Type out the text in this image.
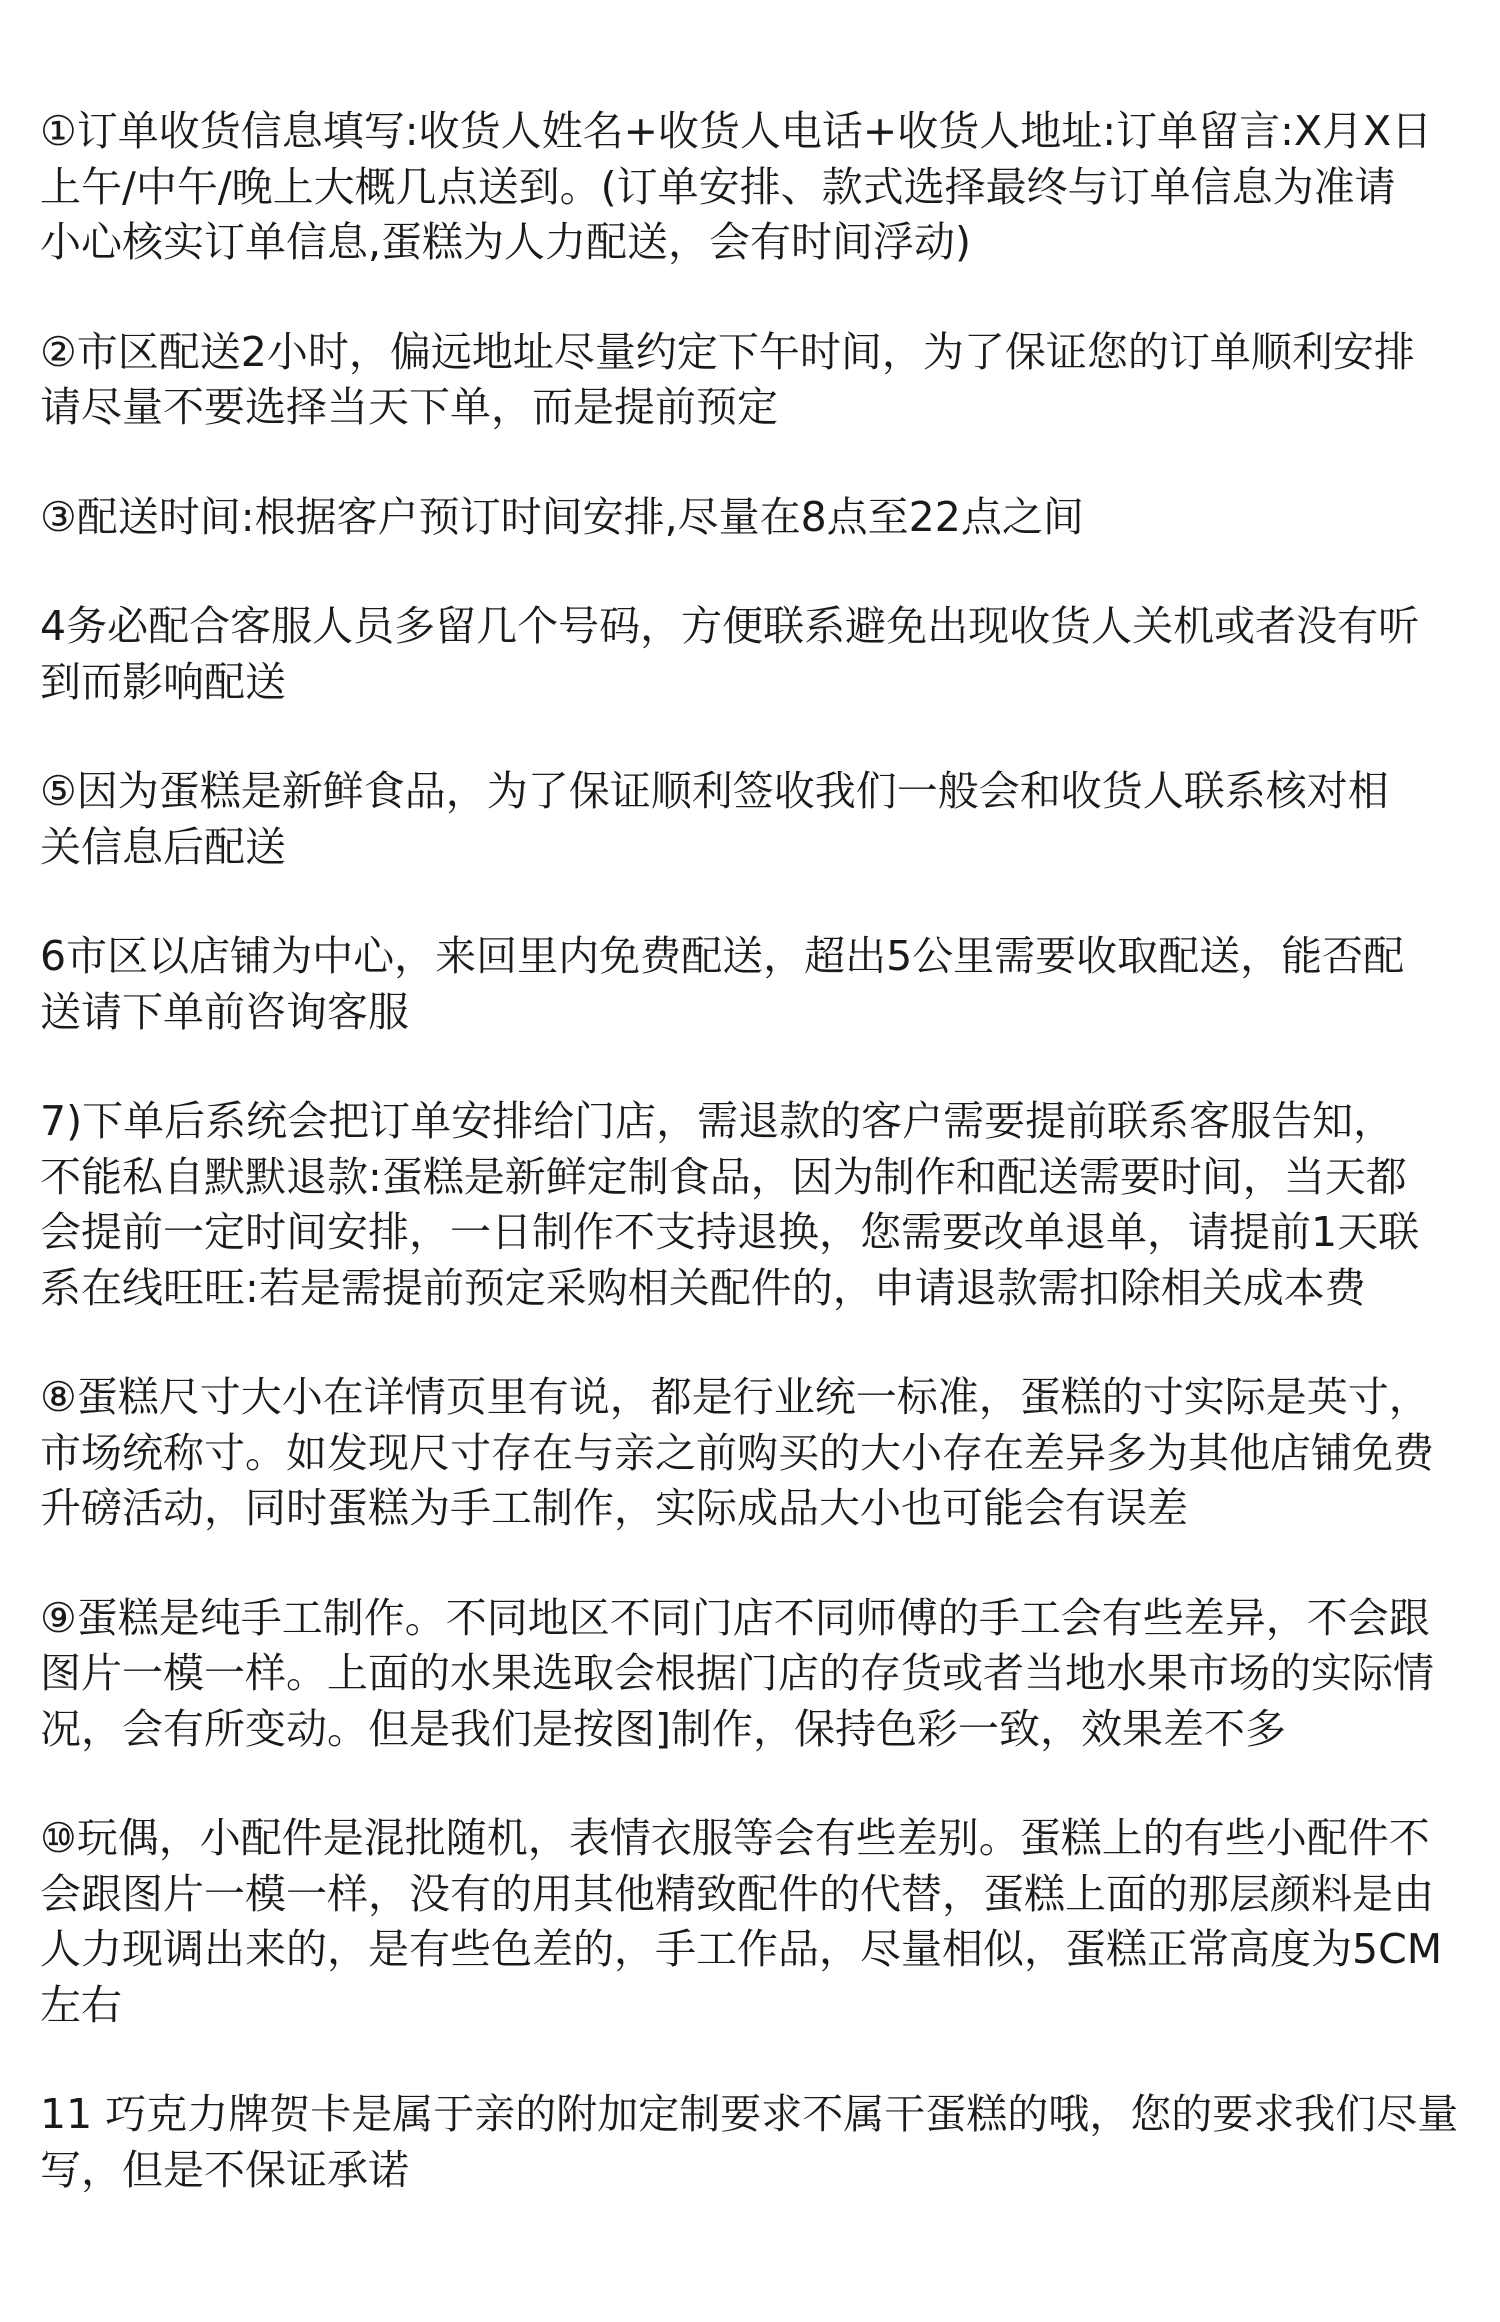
①订单收货信息填写:收货人姓名+收货人电话+收货人地址:订单留言:X月X日
上午/中午/晚上大概几点送到。(订单安排、款式选择最终与订单信息为准请
小心核实订单信息,蛋糕为人力配送，会有时间浮动)
②市区配送2小时，偏远地址尽量约定下午时间，为了保证您的订单顺利安排
请尽量不要选择当天下单，而是提前预定
③配送时间:根据客户预订时间安排,尽量在8点至22点之间
4务必配合客服人员多留几个号码，方便联系避免出现收货人关机或者没有听
到而影响配送
⑤因为蛋糕是新鲜食品，为了保证顺利签收我们一般会和收货人联系核对相
关信息后配送
6市区以店铺为中心，来回里内免费配送，超出5公里需要收取配送，能否配
送请下单前咨询客服
7)下单后系统会把订单安排给门店，需退款的客户需要提前联系客服告知，
不能私自默默退款:蛋糕是新鲜定制食品，因为制作和配送需要时间，当天都
会提前一定时间安排，一日制作不支持退换，您需要改单退单，请提前1天联
系在线旺旺:若是需提前预定采购相关配件的，申请退款需扣除相关成本费
⑧蛋糕尺寸大小在详情页里有说，都是行业统一标准，蛋糕的寸实际是英寸，
市场统称寸。如发现尺寸存在与亲之前购买的大小存在差异多为其他店铺免费
升磅活动，同时蛋糕为手工制作，实际成品大小也可能会有误差
⑨蛋糕是纯手工制作。不同地区不同门店不同师傅的手工会有些差异，不会跟
图片一模一样。上面的水果选取会根据门店的存货或者当地水果市场的实际情
况，会有所变动。但是我们是按图]制作，保持色彩一致，效果差不多
⑩玩偶，小配件是混批随机，表情衣服等会有些差别。蛋糕上的有些小配件不
会跟图片一模一样，没有的用其他精致配件的代替，蛋糕上面的那层颜料是由
人力现调出来的，是有些色差的，手工作品，尽量相似，蛋糕正常高度为5CM
左右
11 巧克力牌贺卡是属于亲的附加定制要求不属干蛋糕的哦，您的要求我们尽量
写，但是不保证承诺
